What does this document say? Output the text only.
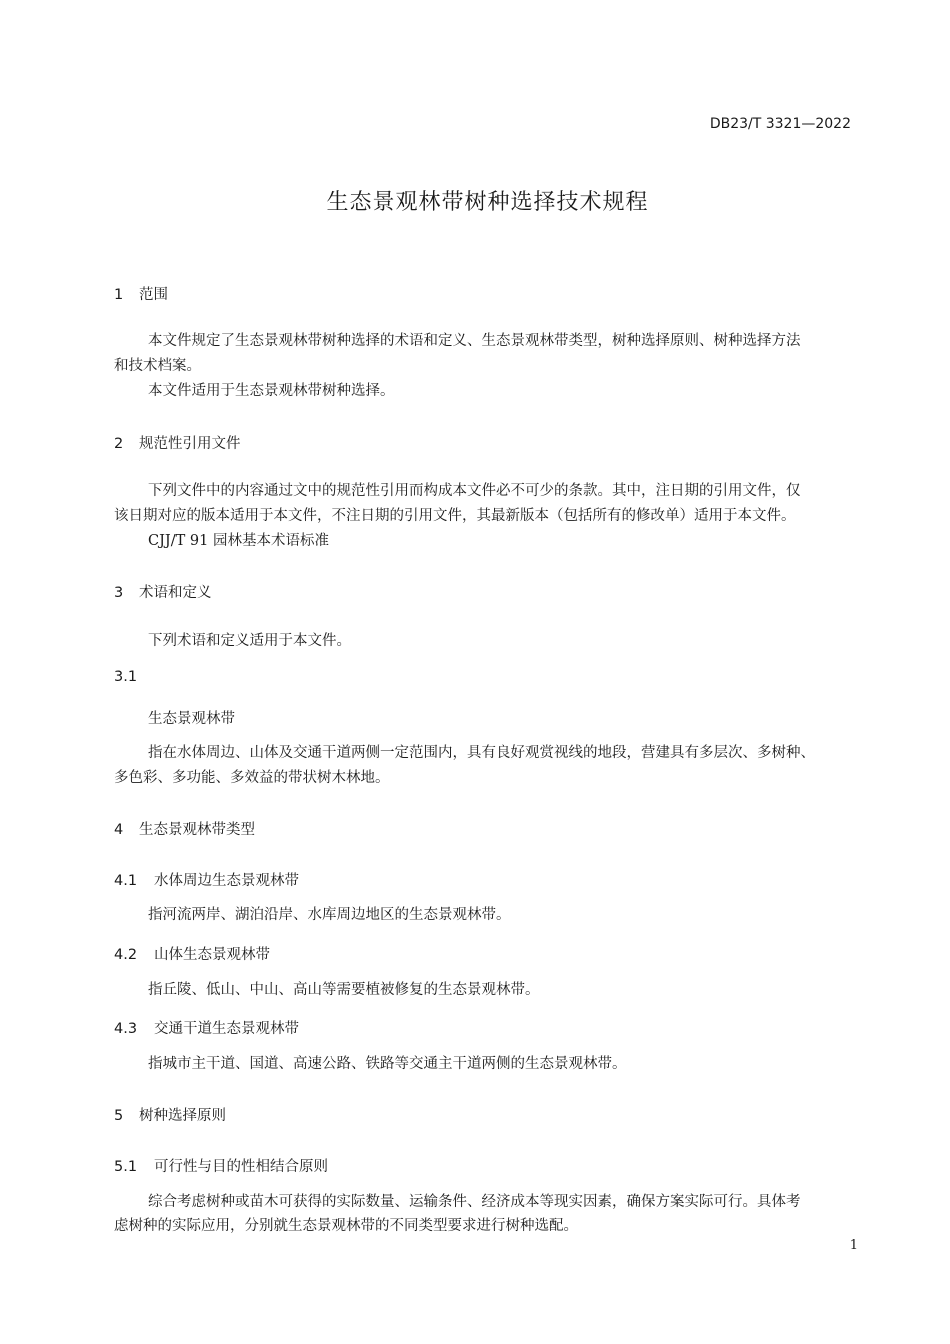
DB23/T 3321—2022
生态景观林带树种选择技术规程
1 范围
本文件规定了生态景观林带树种选择的术语和定义、生态景观林带类型，树种选择原则、树种选择方法
和技术档案。
本文件适用于生态景观林带树种选择。
2 规范性引用文件
下列文件中的内容通过文中的规范性引用而构成本文件必不可少的条款。其中，注日期的引用文件，仅
该日期对应的版本适用于本文件，不注日期的引用文件，其最新版本（包括所有的修改单）适用于本文件。
CJJ/T 91 园林基本术语标准
3 术语和定义
下列术语和定义适用于本文件。
3.1
生态景观林带
指在水体周边、山体及交通干道两侧一定范围内，具有良好观赏视线的地段，营建具有多层次、多树种、
多色彩、多功能、多效益的带状树木林地。
4 生态景观林带类型
4.1 水体周边生态景观林带
指河流两岸、湖泊沿岸、水库周边地区的生态景观林带。
4.2 山体生态景观林带
指丘陵、低山、中山、高山等需要植被修复的生态景观林带。
4.3 交通干道生态景观林带
指城市主干道、国道、高速公路、铁路等交通主干道两侧的生态景观林带。
5 树种选择原则
5.1 可行性与目的性相结合原则
综合考虑树种或苗木可获得的实际数量、运输条件、经济成本等现实因素，确保方案实际可行。具体考
虑树种的实际应用，分别就生态景观林带的不同类型要求进行树种选配。
1
